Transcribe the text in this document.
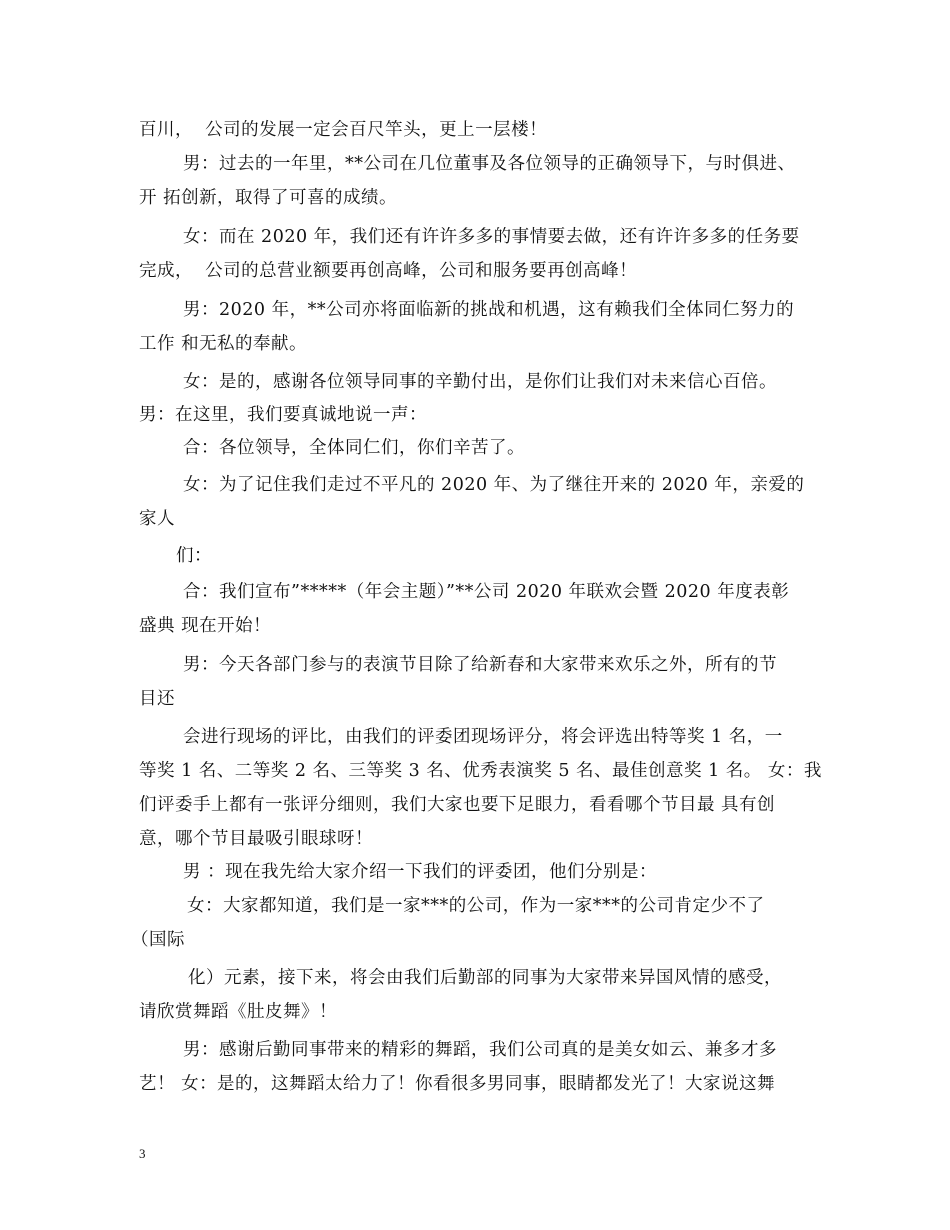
百川，  公司的发展一定会百尺竿头，更上一层楼！
男：过去的一年里，**公司在几位董事及各位领导的正确领导下，与时俱进、
开 拓创新，取得了可喜的成绩。
女：而在 2020 年，我们还有许许多多的事情要去做，还有许许多多的任务要
完成，  公司的总营业额要再创高峰，公司和服务要再创高峰！
男：2020 年，**公司亦将面临新的挑战和机遇，这有赖我们全体同仁努力的
工作 和无私的奉献。
女：是的，感谢各位领导同事的辛勤付出，是你们让我们对未来信心百倍。
男：在这里，我们要真诚地说一声：
合：各位领导，全体同仁们，你们辛苦了。
女：为了记住我们走过不平凡的 2020 年、为了继往开来的 2020 年，亲爱的
家人
们：
合：我们宣布”*****（年会主题）”**公司 2020 年联欢会暨 2020 年度表彰
盛典 现在开始！
男：今天各部门参与的表演节目除了给新春和大家带来欢乐之外，所有的节
目还
会进行现场的评比，由我们的评委团现场评分，将会评选出特等奖 1 名，一
等奖 1 名、二等奖 2 名、三等奖 3 名、优秀表演奖 5 名、最佳创意奖 1 名。 女：我
们评委手上都有一张评分细则，我们大家也要下足眼力，看看哪个节目最 具有创
意，哪个节目最吸引眼球呀！
男 ：现在我先给大家介绍一下我们的评委团，他们分别是：
女：大家都知道，我们是一家***的公司，作为一家***的公司肯定少不了
（国际
化）元素，接下来，将会由我们后勤部的同事为大家带来异国风情的感受，
请欣赏舞蹈《肚皮舞》！
男：感谢后勤同事带来的精彩的舞蹈，我们公司真的是美女如云、兼多才多
艺！ 女：是的，这舞蹈太给力了！你看很多男同事，眼睛都发光了！大家说这舞
3
